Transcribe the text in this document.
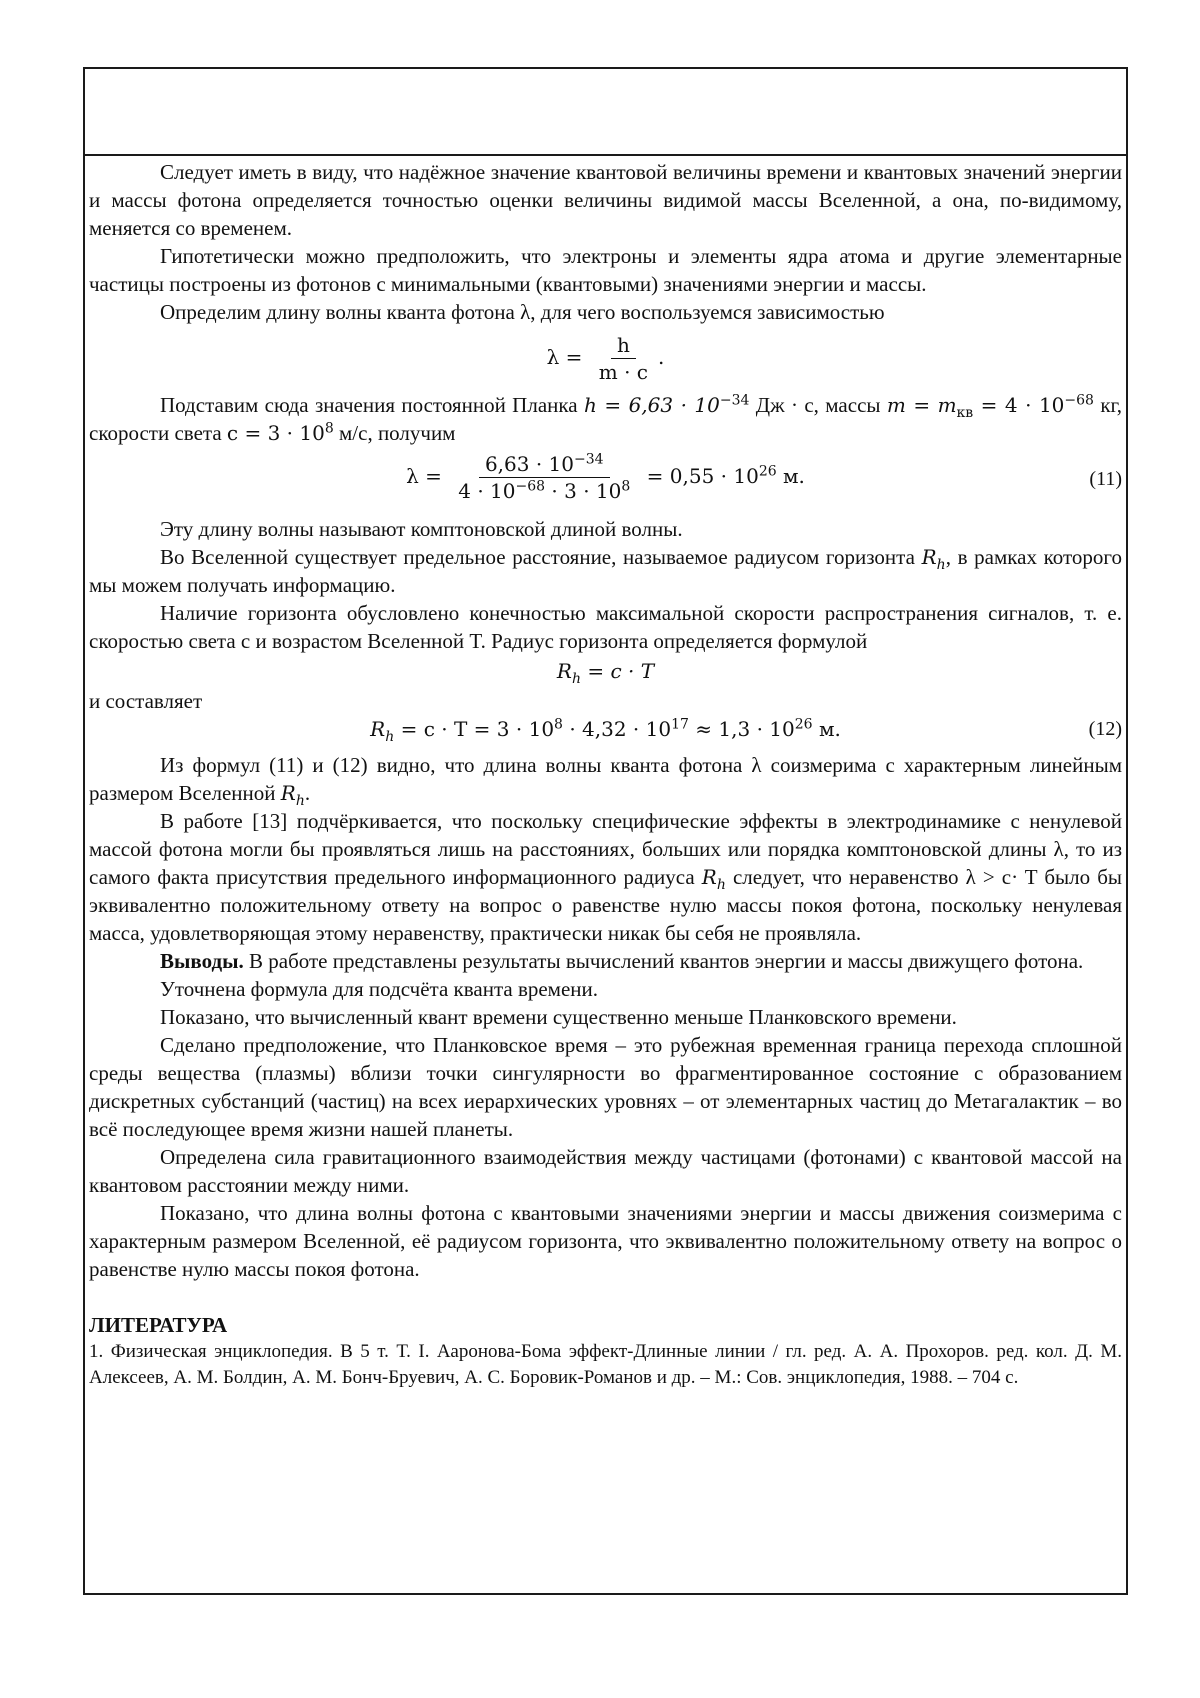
Следует иметь в виду, что надёжное значение квантовой величины времени и квантовых значений энергии и массы фотона определяется точностью оценки величины видимой массы Вселенной, а она, по-видимому, меняется со временем.

Гипотетически можно предположить, что электроны и элементы ядра атома и другие элементарные частицы построены из фотонов с минимальными (квантовыми) значениями энергии и массы.

Определим длину волны кванта фотона λ, для чего воспользуемся зависимостью

$\lambda = \frac{h}{m \cdot c}$ .

Подставим сюда значения постоянной Планка $h = 6,63 \cdot 10^{-34}$ Дж · с, массы $m = m_{кв} = 4 \cdot 10^{-68}$ кг, скорости света $c = 3 \cdot 10^8$ м/с, получим

$\lambda = \frac{6,63 \cdot 10^{-34}}{4 \cdot 10^{-68} \cdot 3 \cdot 10^8} = 0,55 \cdot 10^{26}$ м.	(11)

Эту длину волны называют комптоновской длиной волны.

Во Вселенной существует предельное расстояние, называемое радиусом горизонта $R_h$, в рамках которого мы можем получать информацию.

Наличие горизонта обусловлено конечностью максимальной скорости распространения сигналов, т. е. скоростью света c и возрастом Вселенной T. Радиус горизонта определяется формулой

$R_h = c \cdot T$

и составляет

$R_h = c \cdot T = 3 \cdot 10^8 \cdot 4,32 \cdot 10^{17} \approx 1,3 \cdot 10^{26}$ м.	(12)

Из формул (11) и (12) видно, что длина волны кванта фотона λ соизмерима с характерным линейным размером Вселенной $R_h$.

В работе [13] подчёркивается, что поскольку специфические эффекты в электродинамике с ненулевой массой фотона могли бы проявляться лишь на расстояниях, больших или порядка комптоновской длины λ, то из самого факта присутствия предельного информационного радиуса $R_h$ следует, что неравенство λ > c· T было бы эквивалентно положительному ответу на вопрос о равенстве нулю массы покоя фотона, поскольку ненулевая масса, удовлетворяющая этому неравенству, практически никак бы себя не проявляла.

Выводы. В работе представлены результаты вычислений квантов энергии и массы движущего фотона.

Уточнена формула для подсчёта кванта времени.

Показано, что вычисленный квант времени существенно меньше Планковского времени.

Сделано предположение, что Планковское время – это рубежная временная граница перехода сплошной среды вещества (плазмы) вблизи точки сингулярности во фрагментированное состояние с образованием дискретных субстанций (частиц) на всех иерархических уровнях – от элементарных частиц до Метагалактик – во всё последующее время жизни нашей планеты.

Определена сила гравитационного взаимодействия между частицами (фотонами) с квантовой массой на квантовом расстоянии между ними.

Показано, что длина волны фотона с квантовыми значениями энергии и массы движения соизмерима с характерным размером Вселенной, её радиусом горизонта, что эквивалентно положительному ответу на вопрос о равенстве нулю массы покоя фотона.

ЛИТЕРАТУРА
1. Физическая энциклопедия. В 5 т. Т. I. Ааронова-Бома эффект-Длинные линии / гл. ред. А. А. Прохоров. ред. кол. Д. М. Алексеев, А. М. Болдин, А. М. Бонч-Бруевич, А. С. Боровик-Романов и др. – М.: Сов. энциклопедия, 1988. – 704 с.
